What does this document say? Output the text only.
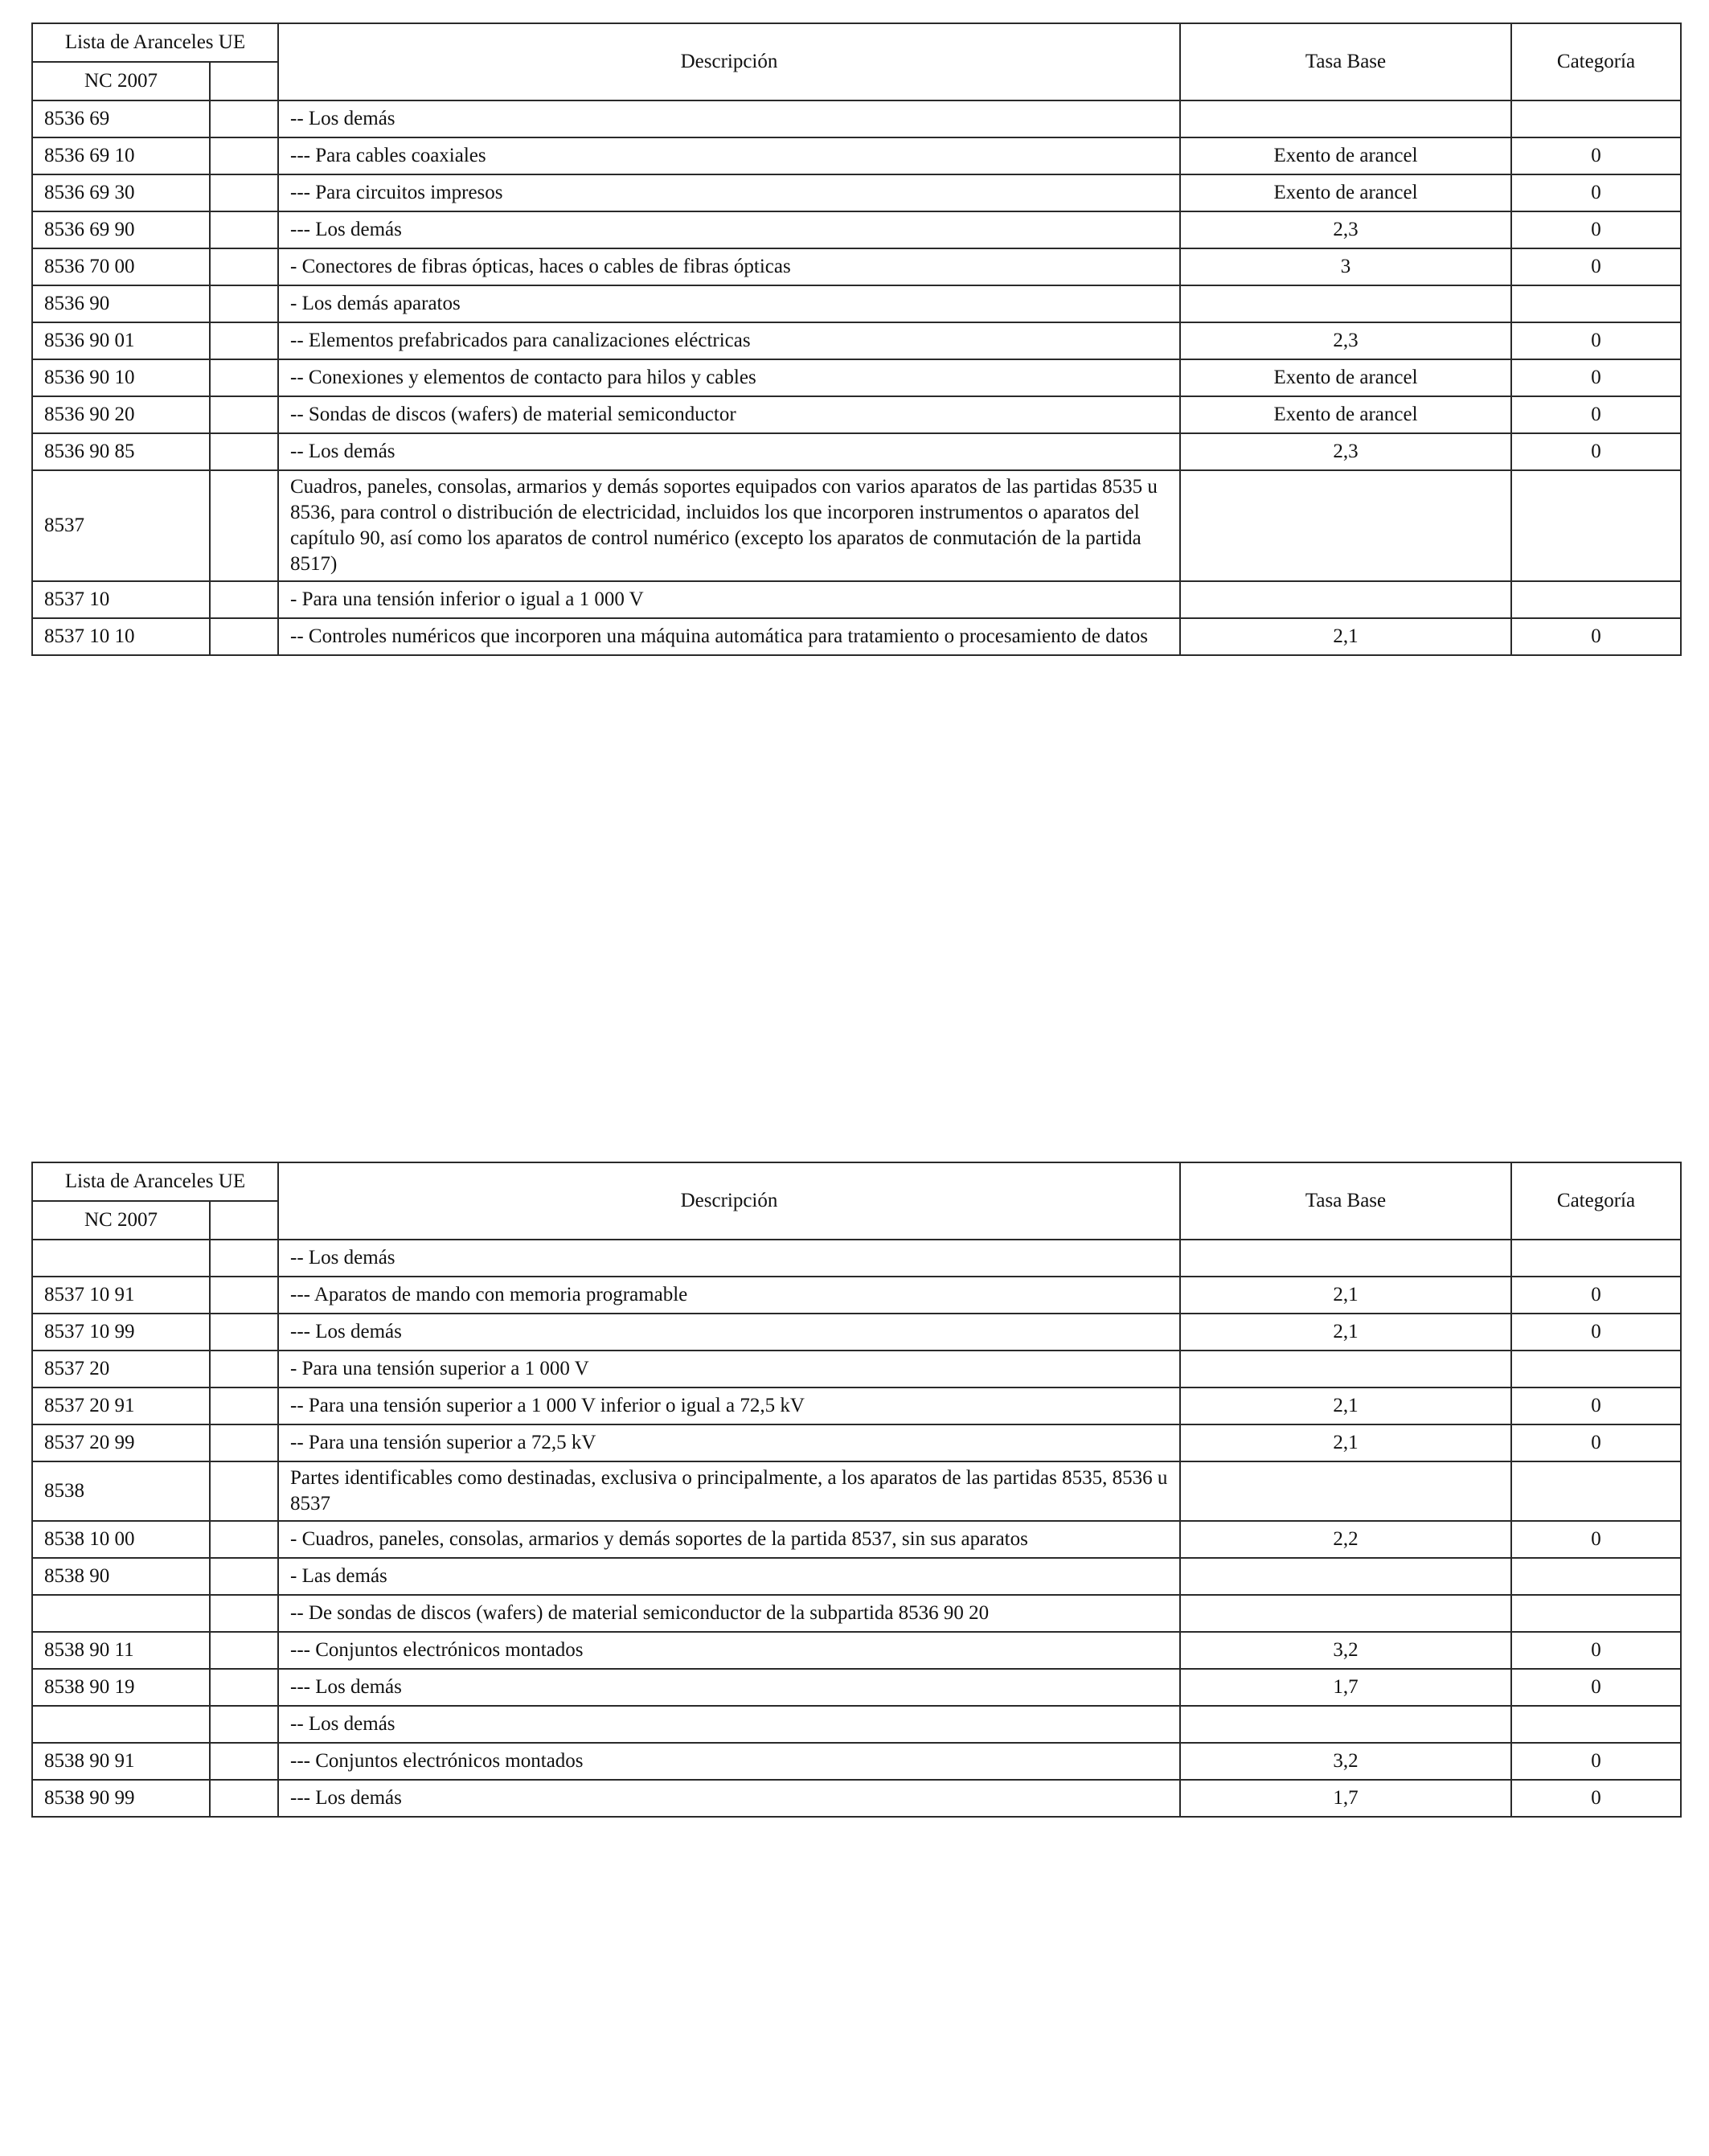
Lista de Aranceles UE		Descripción	Tasa Base	Categoría
NC 2007				
8536 69		-- Los demás		
8536 69 10		--- Para cables coaxiales	Exento de arancel	0
8536 69 30		--- Para circuitos impresos	Exento de arancel	0
8536 69 90		--- Los demás	2,3	0
8536 70 00		- Conectores de fibras ópticas, haces o cables de fibras ópticas	3	0
8536 90		- Los demás aparatos		
8536 90 01		-- Elementos prefabricados para canalizaciones eléctricas	2,3	0
8536 90 10		-- Conexiones y elementos de contacto para hilos y cables	Exento de arancel	0
8536 90 20		-- Sondas de discos (wafers) de material semiconductor	Exento de arancel	0
8536 90 85		-- Los demás	2,3	0
8537		Cuadros, paneles, consolas, armarios y demás soportes equipados con varios aparatos de las partidas 8535 u 8536, para control o distribución de electricidad, incluidos los que incorporen instrumentos o aparatos del capítulo 90, así como los aparatos de control numérico (excepto los aparatos de conmutación de la partida 8517)		
8537 10		- Para una tensión inferior o igual a 1 000 V		
8537 10 10		-- Controles numéricos que incorporen una máquina automática para tratamiento o procesamiento de datos	2,1	0
Lista de Aranceles UE		Descripción	Tasa Base	Categoría
NC 2007				
		-- Los demás		
8537 10 91		--- Aparatos de mando con memoria programable	2,1	0
8537 10 99		--- Los demás	2,1	0
8537 20		- Para una tensión superior a 1 000 V		
8537 20 91		-- Para una tensión superior a 1 000 V inferior o igual a 72,5 kV	2,1	0
8537 20 99		-- Para una tensión superior a 72,5 kV	2,1	0
8538		Partes identificables como destinadas, exclusiva o principalmente, a los aparatos de las partidas 8535, 8536 u 8537		
8538 10 00		- Cuadros, paneles, consolas, armarios y demás soportes de la partida 8537, sin sus aparatos	2,2	0
8538 90		- Las demás		
		-- De sondas de discos (wafers) de material semiconductor de la subpartida 8536 90 20		
8538 90 11		--- Conjuntos electrónicos montados	3,2	0
8538 90 19		--- Los demás	1,7	0
		-- Los demás		
8538 90 91		--- Conjuntos electrónicos montados	3,2	0
8538 90 99		--- Los demás	1,7	0
